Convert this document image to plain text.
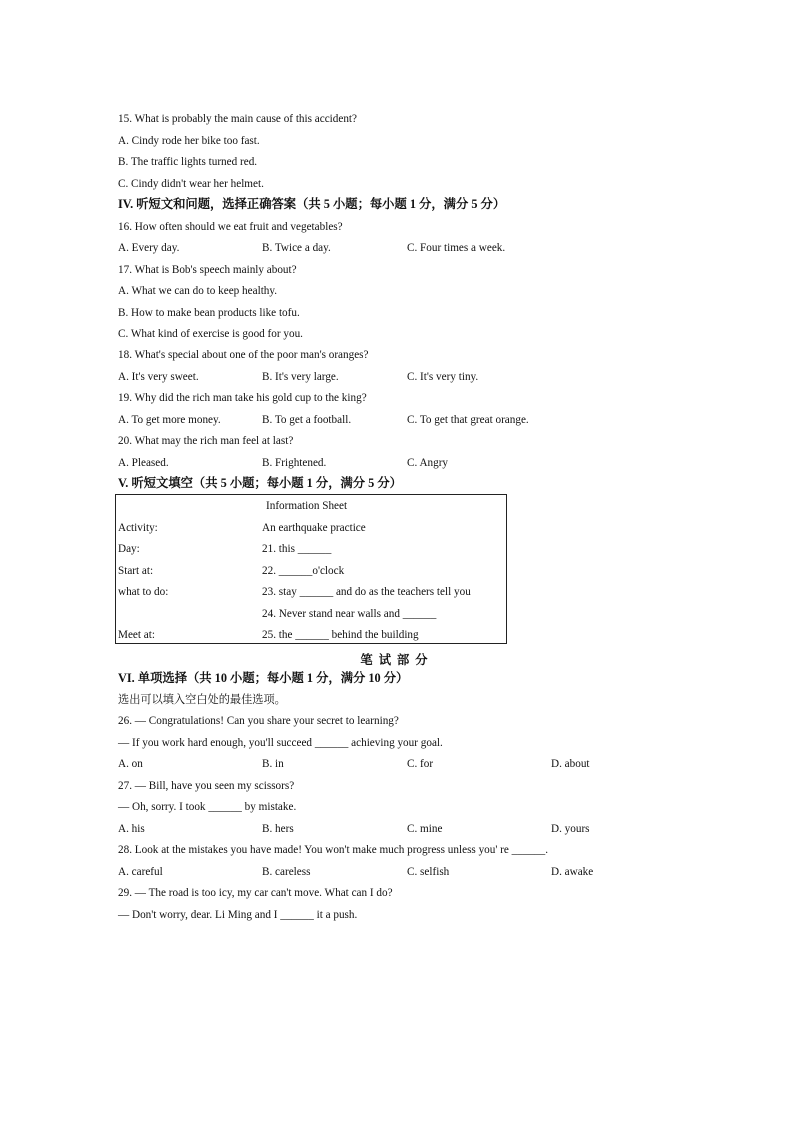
15. What is probably the main cause of this accident?
A. Cindy rode her bike too fast.
B. The traffic lights turned red.
C. Cindy didn't wear her helmet.
IV. 听短文和问题，选择正确答案（共 5 小题；每小题 1 分，满分 5 分）
16. How often should we eat fruit and vegetables?
A. Every day.	B. Twice a day.	C. Four times a week.
17. What is Bob's speech mainly about?
A. What we can do to keep healthy.
B. How to make bean products like tofu.
C. What kind of exercise is good for you.
18. What's special about one of the poor man's oranges?
A. It's very sweet.	B. It's very large.	C. It's very tiny.
19. Why did the rich man take his gold cup to the king?
A. To get more money.	B. To get a football.	C. To get that great orange.
20. What may the rich man feel at last?
A. Pleased.	B. Frightened.	C. Angry
V. 听短文填空（共 5 小题；每小题 1 分，满分 5 分）
Information Sheet
Activity:	An earthquake practice
Day:	21. this ______
Start at:	22. ______o'clock
what to do:	23. stay ______ and do as the teachers tell you
24. Never stand near walls and ______
Meet at:	25. the ______ behind the building
笔试部分
VI. 单项选择（共 10 小题；每小题 1 分，满分 10 分）
选出可以填入空白处的最佳选项。
26. — Congratulations! Can you share your secret to learning?
— If you work hard enough, you'll succeed ______ achieving your goal.
A. on	B. in	C. for	D. about
27. — Bill, have you seen my scissors?
— Oh, sorry. I took ______ by mistake.
A. his	B. hers	C. mine	D. yours
28. Look at the mistakes you have made! You won't make much progress unless you' re ______.
A. careful	B. careless	C. selfish	D. awake
29. — The road is too icy, my car can't move. What can I do?
— Don't worry, dear. Li Ming and I ______ it a push.
